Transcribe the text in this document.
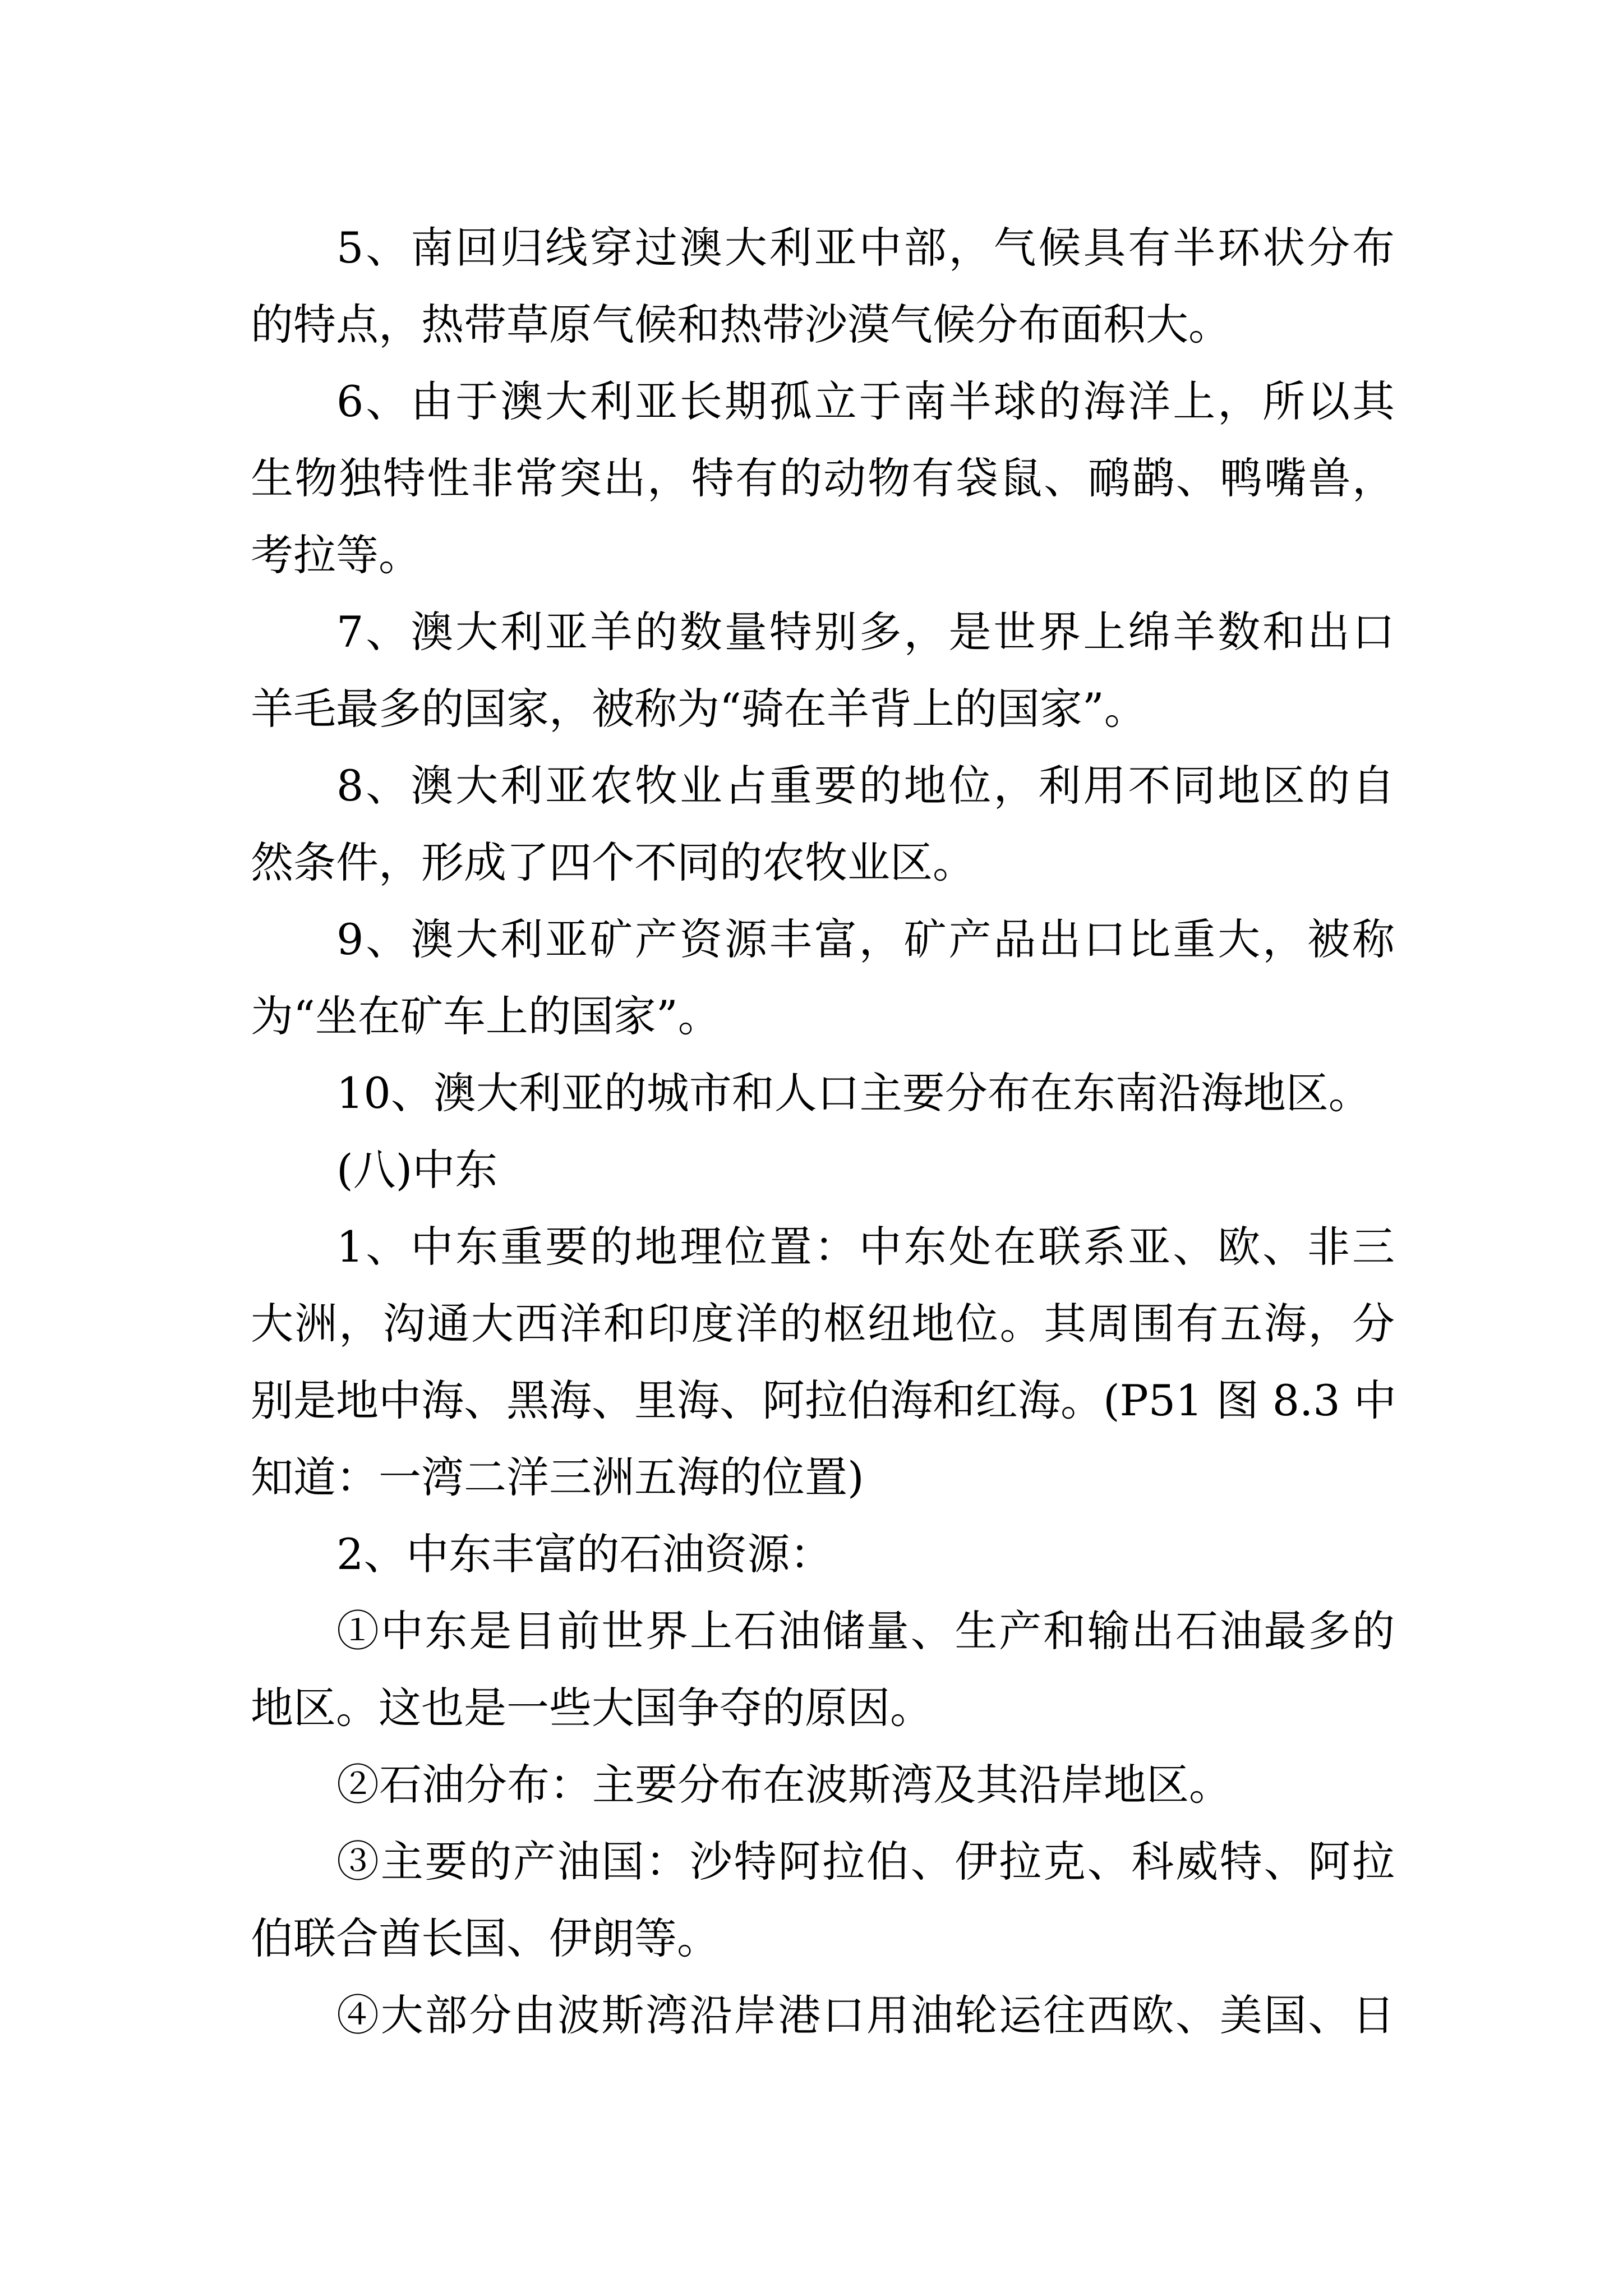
5、南回归线穿过澳大利亚中部，气候具有半环状分布
的特点，热带草原气候和热带沙漠气候分布面积大。
6、由于澳大利亚长期孤立于南半球的海洋上，所以其
生物独特性非常突出，特有的动物有袋鼠、鸸鹋、鸭嘴兽，
考拉等。
7、澳大利亚羊的数量特别多，是世界上绵羊数和出口
羊毛最多的国家，被称为“骑在羊背上的国家”。
8、澳大利亚农牧业占重要的地位，利用不同地区的自
然条件，形成了四个不同的农牧业区。
9、澳大利亚矿产资源丰富，矿产品出口比重大，被称
为“坐在矿车上的国家”。
10、澳大利亚的城市和人口主要分布在东南沿海地区。
(八)中东
1、中东重要的地理位置：中东处在联系亚、欧、非三
大洲，沟通大西洋和印度洋的枢纽地位。其周围有五海，分
别是地中海、黑海、里海、阿拉伯海和红海。(P51 图 8.3 中
知道：一湾二洋三洲五海的位置)
2、中东丰富的石油资源：
①中东是目前世界上石油储量、生产和输出石油最多的
地区。这也是一些大国争夺的原因。
②石油分布：主要分布在波斯湾及其沿岸地区。
③主要的产油国：沙特阿拉伯、伊拉克、科威特、阿拉
伯联合酋长国、伊朗等。
④大部分由波斯湾沿岸港口用油轮运往西欧、美国、日
